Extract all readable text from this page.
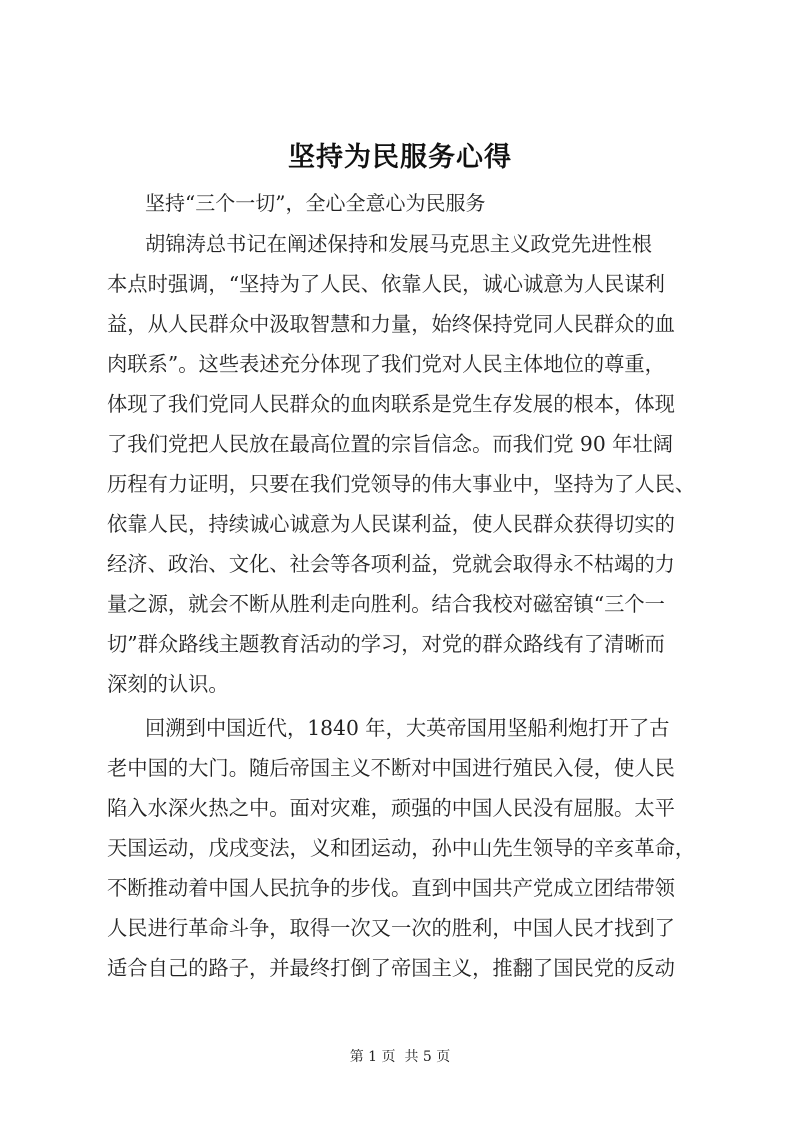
坚持为民服务心得
坚持“三个一切”，全心全意心为民服务
胡锦涛总书记在阐述保持和发展马克思主义政党先进性根
本点时强调，“坚持为了人民、依靠人民，诚心诚意为人民谋利
益，从人民群众中汲取智慧和力量，始终保持党同人民群众的血
肉联系”。这些表述充分体现了我们党对人民主体地位的尊重，
体现了我们党同人民群众的血肉联系是党生存发展的根本，体现
了我们党把人民放在最高位置的宗旨信念。而我们党 90 年壮阔
历程有力证明，只要在我们党领导的伟大事业中，坚持为了人民、
依靠人民，持续诚心诚意为人民谋利益，使人民群众获得切实的
经济、政治、文化、社会等各项利益，党就会取得永不枯竭的力
量之源，就会不断从胜利走向胜利。结合我校对磁窑镇“三个一
切”群众路线主题教育活动的学习，对党的群众路线有了清晰而
深刻的认识。
回溯到中国近代，1840 年，大英帝国用坚船利炮打开了古
老中国的大门。随后帝国主义不断对中国进行殖民入侵，使人民
陷入水深火热之中。面对灾难，顽强的中国人民没有屈服。太平
天国运动，戊戌变法，义和团运动，孙中山先生领导的辛亥革命，
不断推动着中国人民抗争的步伐。直到中国共产党成立团结带领
人民进行革命斗争，取得一次又一次的胜利，中国人民才找到了
适合自己的路子，并最终打倒了帝国主义，推翻了国民党的反动
第 1 页  共 5 页
